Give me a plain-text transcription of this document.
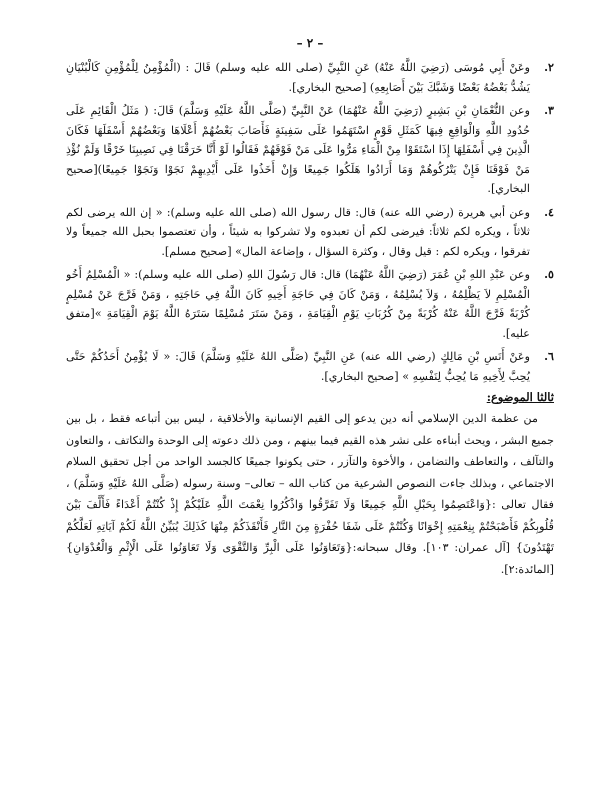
– ٢ –
٢.
وعَنْ أَبِي مُوسَى (رَضِيَ اللَّهُ عَنْهُ) عَنِ النَّبِيِّ (صلى الله عليه وسلم) قَالَ : (الْمُؤْمِنُ لِلْمُؤْمِنِ كَالْبُنْيَانِ يَشُدُّ بَعْضُهُ بَعْضًا وَشَبَّكَ بَيْنَ أَصَابِعِهِ) [صحيح البخاري].
٣.
وعن النُّعْمَانِ بْنِ بَشِيرٍ (رَضِيَ اللَّهُ عَنْهُمَا) عَنْ النَّبِيِّ (صَلَّى اللَّهُ عَلَيْهِ وَسَلَّمَ) قَالَ: ( مَثَلُ الْقَائِمِ عَلَى حُدُودِ اللَّهِ وَالْوَاقِعِ فِيهَا كَمَثَلِ قَوْمٍ اسْتَهَمُوا عَلَى سَفِينَةٍ فَأَصَابَ بَعْضُهُمْ أَعْلَاهَا وَبَعْضُهُمْ أَسْفَلَهَا فَكَانَ الَّذِينَ فِي أَسْفَلِهَا إِذَا اسْتَقَوْا مِنْ الْمَاءِ مَرُّوا عَلَى مَنْ فَوْقَهُمْ فَقَالُوا لَوْ أَنَّا خَرَقْنَا فِي نَصِيبِنَا خَرْقًا وَلَمْ نُؤْذِ مَنْ فَوْقَنَا فَإِنْ يَتْرُكُوهُمْ وَمَا أَرَادُوا هَلَكُوا جَمِيعًا وَإِنْ أَخَذُوا عَلَى أَيْدِيهِمْ نَجَوْا وَنَجَوْا جَمِيعًا)[صحيح البخاري].
٤.
وعن أبي هريرة (رضي الله عنه) قال: قال رسول الله (صلى الله عليه وسلم): « إن الله يرضى لكم ثلاثاً ، ويكره لكم ثلاثاً: فيرضى لكم أن تعبدوه ولا تشركوا به شيئاً ، وأن تعتصموا بحبل الله جميعاً ولا تفرقوا ، ويكره لكم : قيل وقال ، وكثرة السؤال ، وإضاعة المال» [صحيح مسلم].
٥.
وعن عَبْدِ اللهِ بْنِ عُمَرَ (رَضِيَ اللَّهُ عَنْهُمَا) قال: قال رَسُولَ اللهِ (صلى الله عليه وسلم): « الْمُسْلِمُ أَخُو الْمُسْلِمِ لاَ يَظْلِمُهُ ، وَلاَ يُسْلِمُهُ ، وَمَنْ كَانَ فِي حَاجَةِ أَخِيهِ كَانَ اللَّهُ فِي حَاجَتِهِ ، وَمَنْ فَرَّجَ عَنْ مُسْلِمٍ كُرْبَةً فَرَّجَ اللَّهُ عَنْهُ كُرْبَةً مِنْ كُرُبَاتِ يَوْمِ الْقِيَامَةِ ، وَمَنْ سَتَرَ مُسْلِمًا سَتَرَهُ اللَّهُ يَوْمَ الْقِيَامَةِ »[متفق عليه].
٦.
وعَنْ أَنَسِ بْنِ مَالِكٍ (رضي الله عنه) عَنِ النَّبِيِّ (صَلَّى اللهُ عَلَيْهِ وَسَلَّمَ) قَالَ: « لَا يُؤْمِنُ أَحَدُكُمْ حَتَّى يُحِبَّ لِأَخِيهِ مَا يُحِبُّ لِنَفْسِهِ » [صحيح البخاري].
ثالثا الموضوع:

من عظمة الدين الإسلامي أنه دين يدعو إلى القيم الإنسانية والأخلاقية ، ليس بين أتباعه فقط ، بل بين جميع البشر ، ويحث أبناءه على نشر هذه القيم فيما بينهم ، ومن ذلك دعوته إلى الوحدة والتكاتف ، والتعاون والتآلف ، والتعاطف والتضامن ، والأخوة والتآزر ، حتى يكونوا جميعًا كالجسد الواحد من أجل تحقيق السلام الاجتماعي ، وبذلك جاءت النصوص الشرعية من كتاب الله – تعالى– وسنة رسوله (صَلَّى اللهُ عَلَيْهِ وَسَلَّمَ) ، فقال تعالى :{وَاعْتَصِمُوا بِحَبْلِ اللَّهِ جَمِيعًا وَلَا تَفَرَّقُوا وَاذْكُرُوا نِعْمَتَ اللَّهِ عَلَيْكُمْ إِذْ كُنْتُمْ أَعْدَاءً فَأَلَّفَ بَيْنَ قُلُوبِكُمْ فَأَصْبَحْتُمْ بِنِعْمَتِهِ إِخْوَانًا وَكُنْتُمْ عَلَى شَفَا حُفْرَةٍ مِنَ النَّارِ فَأَنْقَذَكُمْ مِنْهَا كَذَلِكَ يُبَيِّنُ اللَّهُ لَكُمْ آيَاتِهِ لَعَلَّكُمْ تَهْتَدُونَ} [آل عمران: ١٠٣]. وقال سبحانه:{وَتَعَاوَنُوا عَلَى الْبِرِّ وَالتَّقْوَى وَلَا تَعَاوَنُوا عَلَى الْإِثْمِ وَالْعُدْوَانِ} [المائدة:٢].
